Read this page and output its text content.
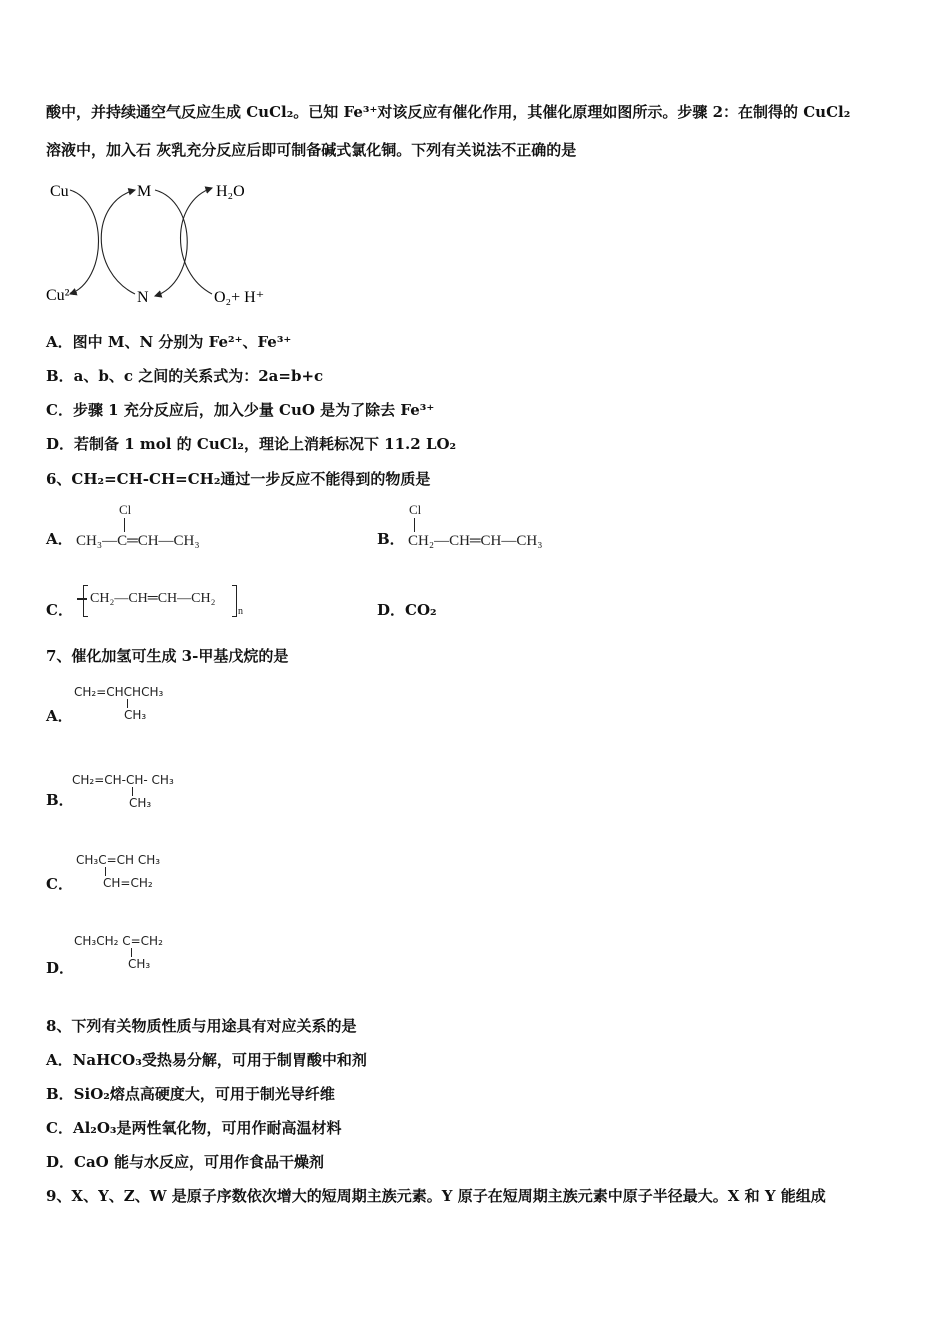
酸中，并持续通空气反应生成 CuCl₂。已知 Fe³⁺对该反应有催化作用，其催化原理如图所示。步骤 2：在制得的 CuCl₂
溶液中，加入石 灰乳充分反应后即可制备碱式氯化铜。下列有关说法不正确的是
Cu
Cu²⁺
M
N
H₂O
O₂+ H⁺
A．图中 M、N 分别为 Fe²⁺、Fe³⁺
B．a、b、c 之间的关系式为：2a=b+c
C．步骤 1 充分反应后，加入少量 CuO 是为了除去 Fe³⁺
D．若制备 1 mol 的 CuCl₂，理论上消耗标况下 11.2 LO₂
6、CH₂=CH-CH=CH₂通过一步反应不能得到的物质是
A．
Cl
CH₃—C═CH—CH₃	B．
Cl
CH₂—CH═CH—CH₃
C．
CH₂—CH═CH—CH₂
n	D．CO₂
7、催化加氢可生成 3-甲基戊烷的是
A．
CH₂=CHCHCH₃
CH₃
B．
CH₂=CH-CH- CH₃
CH₃
C．
CH₃C=CH CH₃
CH=CH₂
D．
CH₃CH₂ C=CH₂
CH₃
8、下列有关物质性质与用途具有对应关系的是
A．NaHCO₃受热易分解，可用于制胃酸中和剂
B．SiO₂熔点高硬度大，可用于制光导纤维
C．Al₂O₃是两性氧化物，可用作耐高温材料
D．CaO 能与水反应，可用作食品干燥剂
9、X、Y、Z、W 是原子序数依次增大的短周期主族元素。Y 原子在短周期主族元素中原子半径最大。X 和 Y 能组成
